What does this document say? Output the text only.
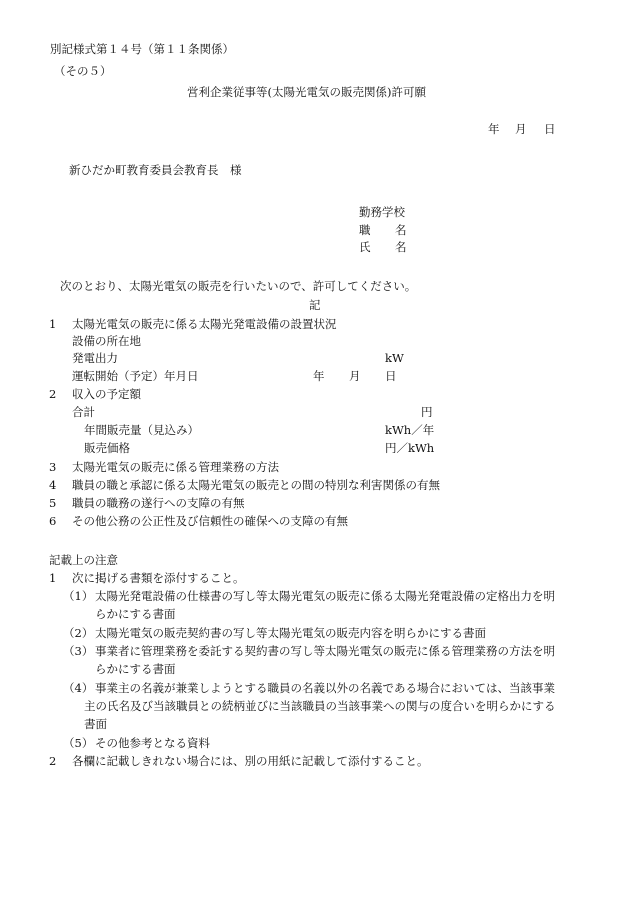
別記様式第１４号（第１１条関係）
（その５）
営利企業従事等(太陽光電気の販売関係)許可願
年 月 日
新ひだか町教育委員会教育長　様
勤務学校
職 名
氏 名
次のとおり、太陽光電気の販売を行いたいので、許可してください。
記
1 太陽光電気の販売に係る太陽光発電設備の設置状況
設備の所在地
発電出力	kW
運転開始（予定）年月日	年 月 日
2 収入の予定額
合計	円
年間販売量（見込み）	kWh／年
販売価格	円／kWh
3 太陽光電気の販売に係る管理業務の方法
4 職員の職と承認に係る太陽光電気の販売との間の特別な利害関係の有無
5 職員の職務の遂行への支障の有無
6 その他公務の公正性及び信頼性の確保への支障の有無
記載上の注意
1 次に掲げる書類を添付すること。
（1） 太陽光発電設備の仕様書の写し等太陽光電気の販売に係る太陽光発電設備の定格出力を明
らかにする書面
（2） 太陽光電気の販売契約書の写し等太陽光電気の販売内容を明らかにする書面
（3） 事業者に管理業務を委託する契約書の写し等太陽光電気の販売に係る管理業務の方法を明
らかにする書面
（4） 事業主の名義が兼業しようとする職員の名義以外の名義である場合においては、当該事業
主の氏名及び当該職員との続柄並びに当該職員の当該事業への関与の度合いを明らかにする
書面
（5） その他参考となる資料
2 各欄に記載しきれない場合には、別の用紙に記載して添付すること。
